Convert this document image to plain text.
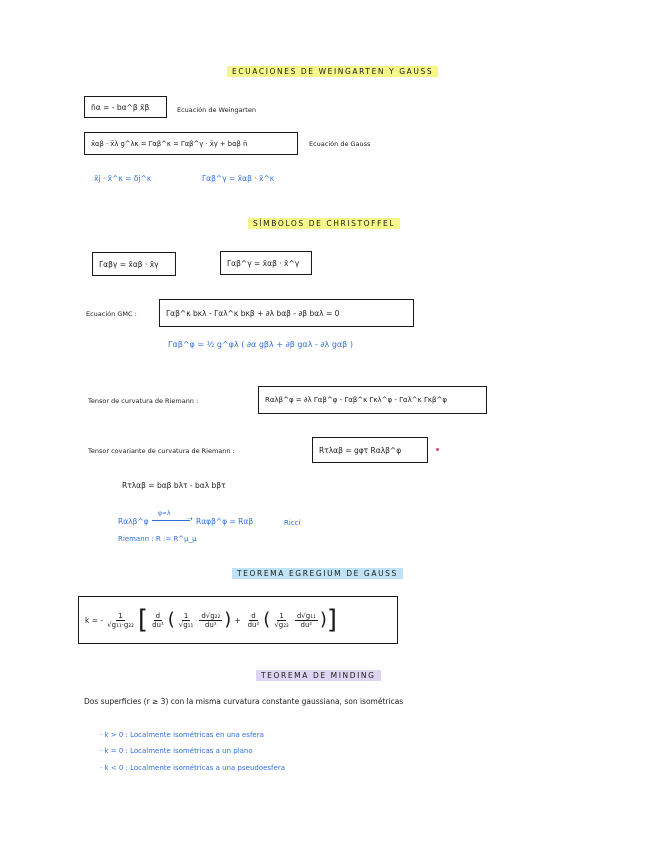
ECUACIONES DE WEINGARTEN Y GAUSS
n̄α = - bα^β x̄β	Ecuación de Weingarten
x̄αβ · x̄λ g^λκ = Γαβ^κ = Γαβ^γ · x̄γ + bαβ n̄	Ecuación de Gauss
x̄j · x̄^κ = δj^κ	Γαβ^γ = x̄αβ · x̄^κ
SÍMBOLOS DE CHRISTOFFEL
Γαβγ = x̄αβ · x̄γ	Γαβ^γ = x̄αβ · x̄^γ
Ecuación GMC :	Γαβ^κ bκλ - Γαλ^κ bκβ + ∂λ bαβ - ∂β bαλ = 0
Γαβ^φ = ½ g^φλ ( ∂α gβλ + ∂β gαλ - ∂λ gαβ )
Tensor de curvatura de Riemann :	Rαλβ^φ = ∂λ Γαβ^φ - Γαβ^κ Γκλ^φ - Γαλ^κ Γκβ^φ
Tensor covariante de curvatura de Riemann :	Rτλαβ = gφτ Rαλβ^φ
Rτλαβ = bαβ bλτ - bαλ bβτ
Rαλβ^φ
φ=λ
➝ Rαφβ^φ = Rαβ	Ricci
Riemann : R := R^μ_μ
TEOREMA EGREGIUM DE GAUSS
k = - $\frac{1}{\text{√g₁₁·g₂₂}}$ [ $\frac{d}{\text{du¹}}$ ( $\frac{1}{\text{√g₁₁}} \frac{\text{d√g₂₂}}{\text{du¹}}$ ) + $\frac{d}{\text{du²}}$ ( $\frac{1}{\text{√g₂₂}} \frac{\text{d√g₁₁}}{\text{du²}}$ ) ]
TEOREMA DE MINDING
Dos superficies (r ≥ 3) con la misma curvatura constante gaussiana, son isométricas
· k > 0 : Localmente isométricas en una esfera
· k = 0 : Localmente isométricas a un plano
· k < 0 : Localmente isométricas a una pseudoesfera
